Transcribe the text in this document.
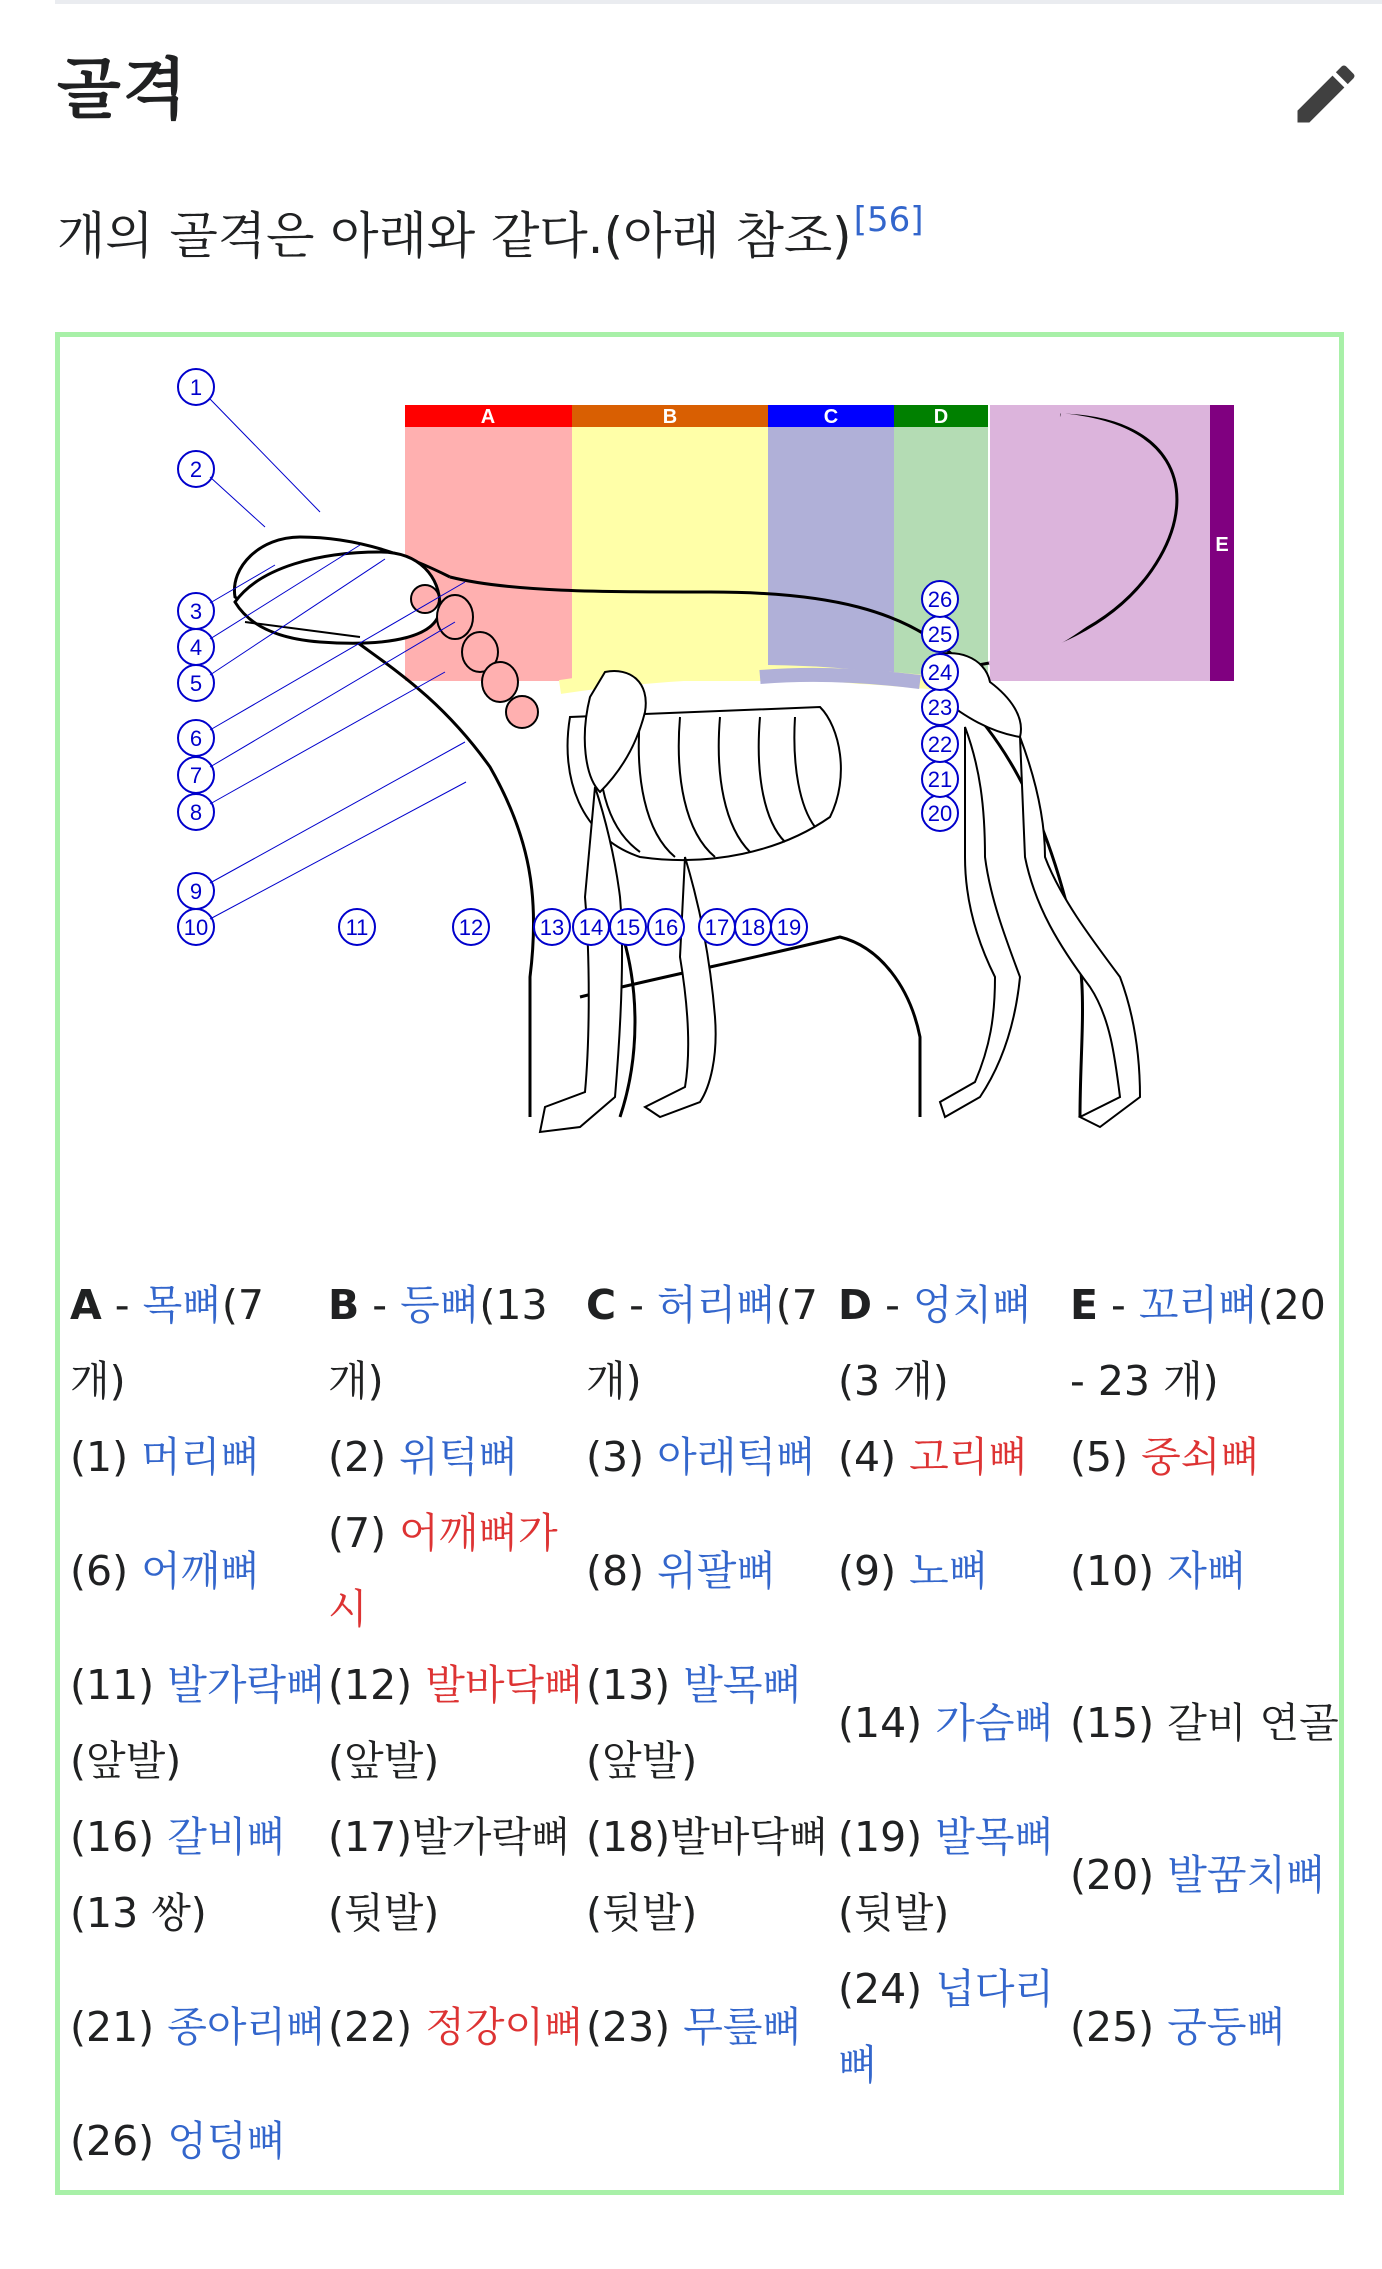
골격
개의 골격은 아래와 같다.(아래 참조)[56]
A	B	C	D
E
1
2
3
4
5
6
7
8
9
10	11	12	13 14 15 16 17 18 19
20
21
22
23
24
25
26
A - 목뼈(7 개)	B - 등뼈(13 개)	C - 허리뼈(7 개)	D - 엉치뼈(3 개)	E - 꼬리뼈(20 - 23 개)
(1) 머리뼈	(2) 위턱뼈	(3) 아래턱뼈	(4) 고리뼈	(5) 중쇠뼈
(6) 어깨뼈	(7) 어깨뼈가시	(8) 위팔뼈	(9) 노뼈	(10) 자뼈
(11) 발가락뼈(앞발)	(12) 발바닥뼈(앞발)	(13) 발목뼈(앞발)	(14) 가슴뼈	(15) 갈비 연골
(16) 갈비뼈(13 쌍)	(17)발가락뼈(뒷발)	(18)발바닥뼈(뒷발)	(19) 발목뼈(뒷발)	(20) 발꿈치뼈
(21) 종아리뼈	(22) 정강이뼈	(23) 무릎뼈	(24) 넙다리뼈	(25) 궁둥뼈
(26) 엉덩뼈				
